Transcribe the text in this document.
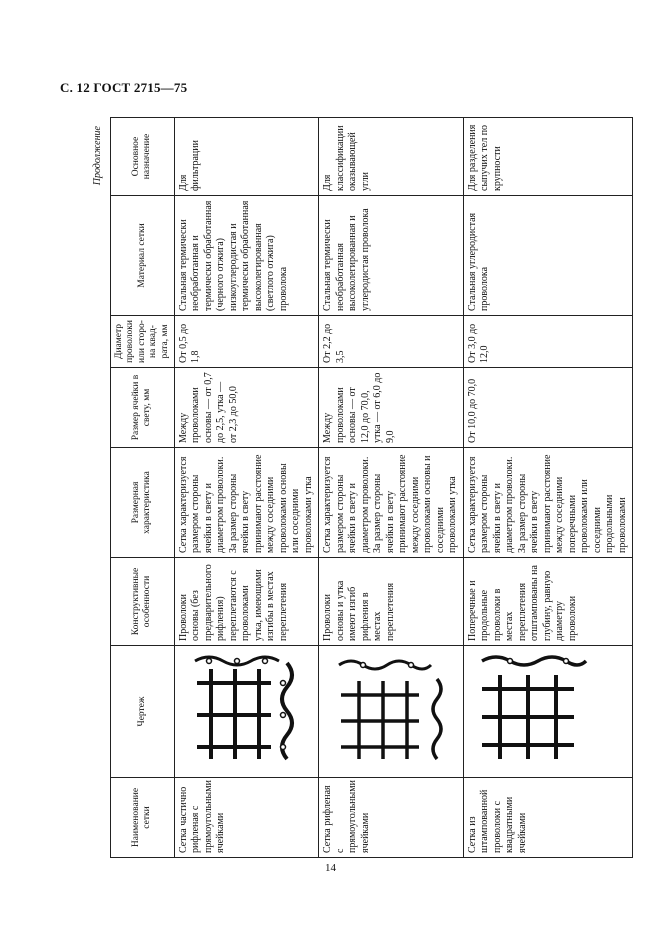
С. 12 ГОСТ 2715—75
Продолжение
Наименование сетки	Чертеж	Конструктивные особенности	Размерная характеристика	Размер ячейки в свету, мм	Диаметр проволоки или сторо-на квад-рата, мм	Материал сетки	Основное назначение
Сетка частично рифленая с прямоугольными ячейками		Проволоки основы (без предварительного рифления) переплетаются с проволоками утка, имеющими изгибы в местах переплетения	Сетка характеризуется размером стороны ячейки в свету и диаметром проволоки. За размер стороны ячейки в свету принимают расстояние между соседними проволоками основы или соседними проволоками утка	Между проволоками основы — от 0,7 до 2,5, утка — от 2,3 до 50,0	От 0,5 до 1,8	Стальная термически необработанная и термически обработанная (черного отжига) низкоуглеродистая и термически обработанная высоколегированная (светлого отжига) проволока	Для фильтрации
Сетка рифленая с прямоугольными ячейками		Проволоки основы и утка имеют изгиб рифления в местах переплетения	Сетка характеризуется размером стороны ячейки в свету и диаметром проволоки. За размер стороны ячейки в свету принимают расстояние между соседними проволоками основы и соседними проволоками утка	Между проволоками основы — от 12,0 до 70,0, утка — от 6,0 до 9,0	От 2,2 до 3,5	Стальная термически необработанная высоколегированная и углеродистая проволока	Для классификации оказывающей угли
Сетка из штампованной проволоки с квадратными ячейками		Поперечные и продольные проволоки в местах переплетения отштампованы на глубину, равную диаметру проволоки	Сетка характеризуется размером стороны ячейки в свету и диаметром проволоки. За размер стороны ячейки в свету принимают расстояние между соседними поперечными проволоками или соседними продольными проволоками	От 10,0 до 70,0	От 3,0 до 12,0	Стальная углеродистая проволока	Для разделения сыпучих тел по крупности
14
